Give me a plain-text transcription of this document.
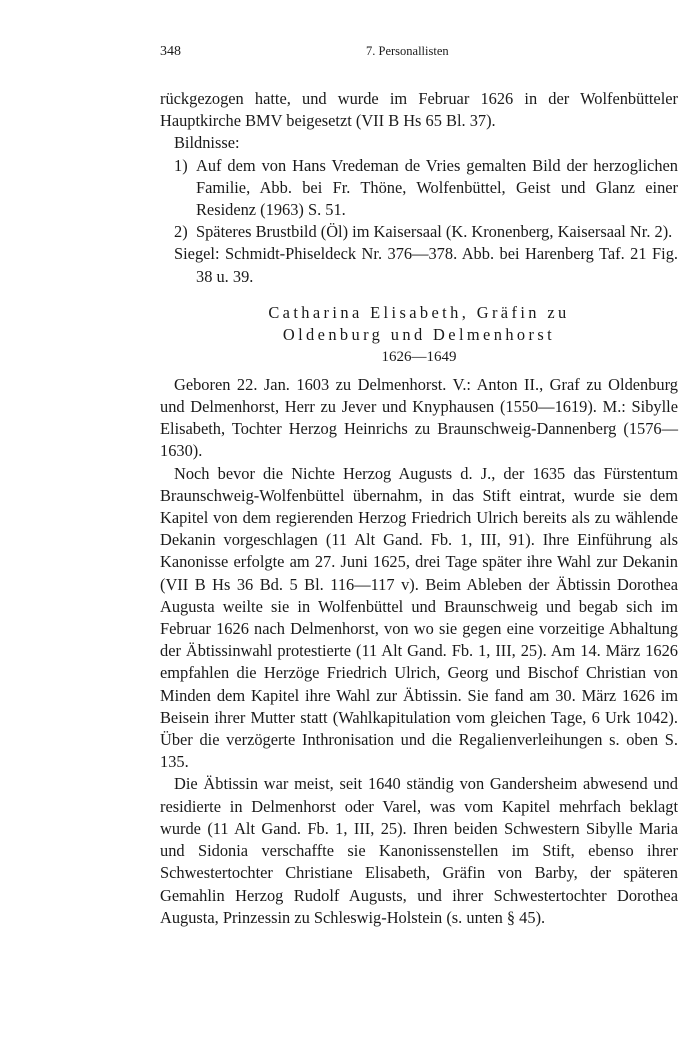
348	7. Personallisten

rückgezogen hatte, und wurde im Februar 1626 in der Wolfenbütteler Hauptkirche BMV beigesetzt (VII B Hs 65 Bl. 37).

Bildnisse:

1) Auf dem von Hans Vredeman de Vries gemalten Bild der herzoglichen Familie, Abb. bei Fr. Thöne, Wolfenbüttel, Geist und Glanz einer Residenz (1963) S. 51.
2) Späteres Brustbild (Öl) im Kaisersaal (K. Kronenberg, Kaisersaal Nr. 2).

Siegel: Schmidt-Phiseldeck Nr. 376—378. Abb. bei Harenberg Taf. 21 Fig. 38 u. 39.

Catharina Elisabeth, Gräfin zu
Oldenburg und Delmenhorst
1626—1649

Geboren 22. Jan. 1603 zu Delmenhorst. V.: Anton II., Graf zu Oldenburg und Delmenhorst, Herr zu Jever und Knyphausen (1550—1619). M.: Sibylle Elisabeth, Tochter Herzog Heinrichs zu Braunschweig-Dannenberg (1576—1630).

Noch bevor die Nichte Herzog Augusts d. J., der 1635 das Fürstentum Braunschweig-Wolfenbüttel übernahm, in das Stift eintrat, wurde sie dem Kapitel von dem regierenden Herzog Friedrich Ulrich bereits als zu wählende Dekanin vorgeschlagen (11 Alt Gand. Fb. 1, III, 91). Ihre Einführung als Kanonisse erfolgte am 27. Juni 1625, drei Tage später ihre Wahl zur Dekanin (VII B Hs 36 Bd. 5 Bl. 116—117 v). Beim Ableben der Äbtissin Dorothea Augusta weilte sie in Wolfenbüttel und Braunschweig und begab sich im Februar 1626 nach Delmenhorst, von wo sie gegen eine vorzeitige Abhaltung der Äbtissinwahl protestierte (11 Alt Gand. Fb. 1, III, 25). Am 14. März 1626 empfahlen die Herzöge Friedrich Ulrich, Georg und Bischof Christian von Minden dem Kapitel ihre Wahl zur Äbtissin. Sie fand am 30. März 1626 im Beisein ihrer Mutter statt (Wahlkapitulation vom gleichen Tage, 6 Urk 1042). Über die verzögerte Inthronisation und die Regalienverleihungen s. oben S. 135.

Die Äbtissin war meist, seit 1640 ständig von Gandersheim abwesend und residierte in Delmenhorst oder Varel, was vom Kapitel mehrfach beklagt wurde (11 Alt Gand. Fb. 1, III, 25). Ihren beiden Schwestern Sibylle Maria und Sidonia verschaffte sie Kanonissenstellen im Stift, ebenso ihrer Schwestertochter Christiane Elisabeth, Gräfin von Barby, der späteren Gemahlin Herzog Rudolf Augusts, und ihrer Schwestertochter Dorothea Augusta, Prinzessin zu Schleswig-Holstein (s. unten § 45).
